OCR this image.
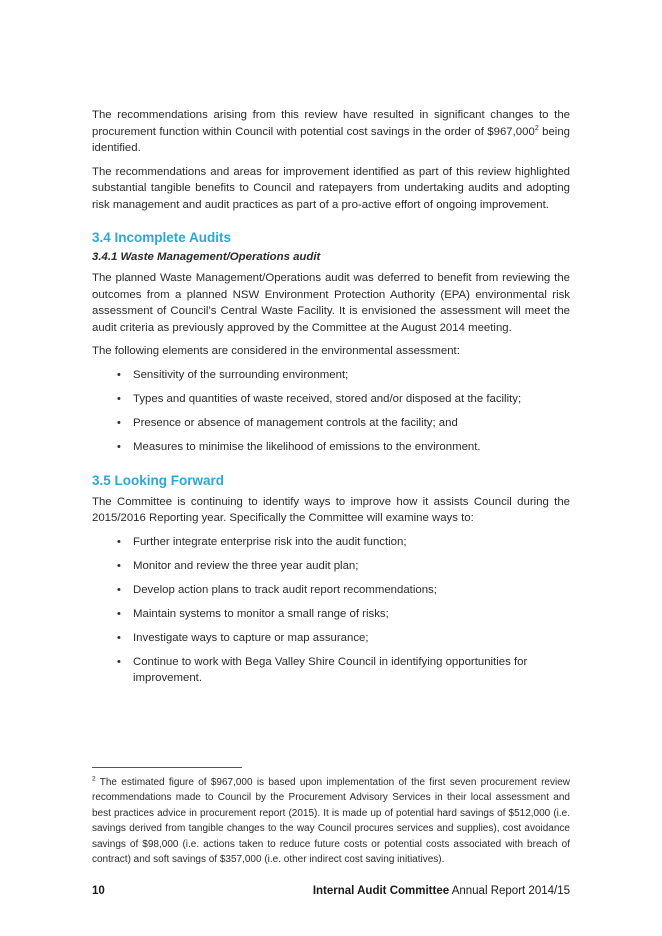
The recommendations arising from this review have resulted in significant changes to the procurement function within Council with potential cost savings in the order of $967,000$^2$ being identified.

The recommendations and areas for improvement identified as part of this review highlighted substantial tangible benefits to Council and ratepayers from undertaking audits and adopting risk management and audit practices as part of a pro-active effort of ongoing improvement.

3.4 Incomplete Audits
3.4.1 Waste Management/Operations audit

The planned Waste Management/Operations audit was deferred to benefit from reviewing the outcomes from a planned NSW Environment Protection Authority (EPA) environmental risk assessment of Council’s Central Waste Facility. It is envisioned the assessment will meet the audit criteria as previously approved by the Committee at the August 2014 meeting.

The following elements are considered in the environmental assessment:

• Sensitivity of the surrounding environment;
• Types and quantities of waste received, stored and/or disposed at the facility;
• Presence or absence of management controls at the facility; and
• Measures to minimise the likelihood of emissions to the environment.
3.5 Looking Forward

The Committee is continuing to identify ways to improve how it assists Council during the 2015/2016 Reporting year. Specifically the Committee will examine ways to:

• Further integrate enterprise risk into the audit function;
• Monitor and review the three year audit plan;
• Develop action plans to track audit report recommendations;
• Maintain systems to monitor a small range of risks;
• Investigate ways to capture or map assurance;
• Continue to work with Bega Valley Shire Council in identifying opportunities for improvement.
$^2$ The estimated figure of $967,000 is based upon implementation of the first seven procurement review recommendations made to Council by the Procurement Advisory Services in their local assessment and best practices advice in procurement report (2015). It is made up of potential hard savings of $512,000 (i.e. savings derived from tangible changes to the way Council procures services and supplies), cost avoidance savings of $98,000 (i.e. actions taken to reduce future costs or potential costs associated with breach of contract) and soft savings of $357,000 (i.e. other indirect cost saving initiatives).
10	Internal Audit Committee Annual Report 2014/15
